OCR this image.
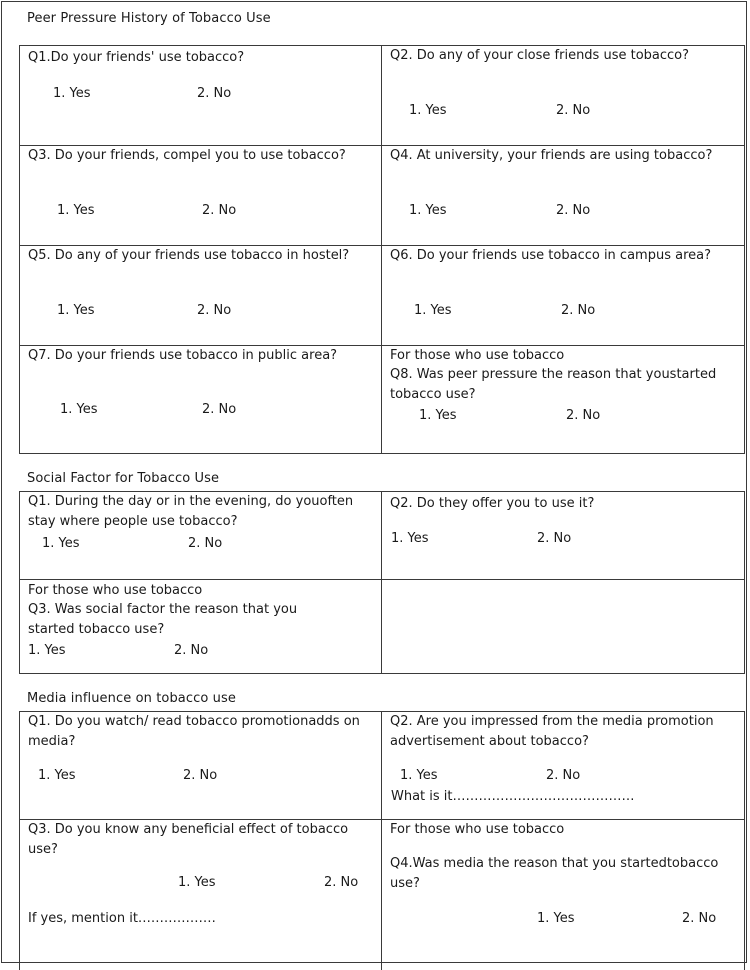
Peer Pressure History of Tobacco Use
Q1.Do your friends' use tobacco?
1. Yes	2. No
Q2. Do any of your close friends use tobacco?
1. Yes	2. No
Q3. Do your friends, compel you to use tobacco?
1. Yes	2. No
Q4. At university, your friends are using tobacco?
1. Yes	2. No
Q5. Do any of your friends use tobacco in hostel?
1. Yes	2. No
Q6. Do your friends use tobacco in campus area?
1. Yes	2. No
Q7. Do your friends use tobacco in public area?
1. Yes	2. No
For those who use tobacco
Q8. Was peer pressure the reason that youstarted tobacco use?
1. Yes	2. No
Social Factor for Tobacco Use
Q1. During the day or in the evening, do youoften stay where people use tobacco?
1. Yes	2. No
Q2. Do they offer you to use it?
1. Yes	2. No
For those who use tobacco
Q3. Was social factor the reason that you started tobacco use?
1. Yes	2. No
Media influence on tobacco use
Q1. Do you watch/ read tobacco promotionadds on media?
1. Yes	2. No
Q2. Are you impressed from the media promotion advertisement about tobacco?
1. Yes	2. No
What is it……………………………………
Q3. Do you know any beneficial effect of tobacco use?
1. Yes	2. No
If yes, mention it………………
For those who use tobacco
Q4.Was media the reason that you startedtobacco use?
1. Yes	2. No
